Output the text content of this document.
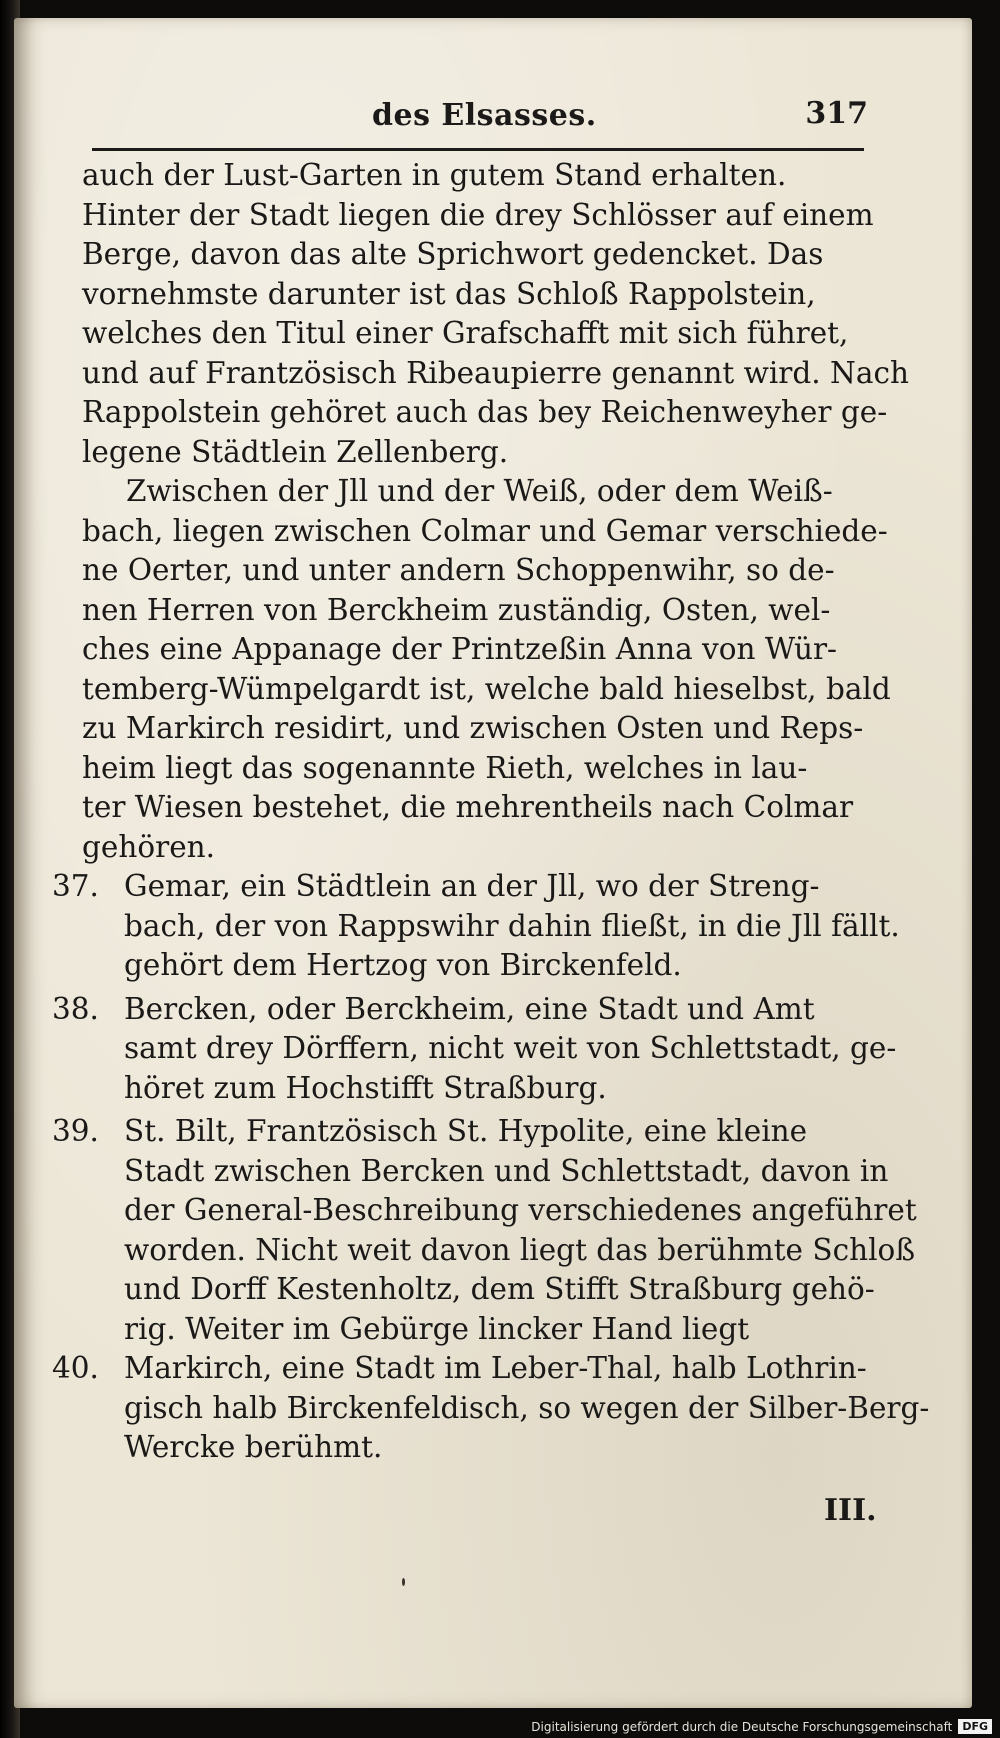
des Elsasses.	317
auch der Lust-Garten in gutem Stand erhalten.
Hinter der Stadt liegen die drey Schlösser auf einem
Berge, davon das alte Sprichwort gedencket. Das
vornehmste darunter ist das Schloß Rappolstein,
welches den Titul einer Grafschafft mit sich führet,
und auf Frantzösisch Ribeaupierre genannt wird. Nach
Rappolstein gehöret auch das bey Reichenweyher ge-
legene Städtlein Zellenberg.
Zwischen der Jll und der Weiß, oder dem Weiß-
bach, liegen zwischen Colmar und Gemar verschiede-
ne Oerter, und unter andern Schoppenwihr, so de-
nen Herren von Berckheim zuständig, Osten, wel-
ches eine Appanage der Printzeßin Anna von Wür-
temberg-Wümpelgardt ist, welche bald hieselbst, bald
zu Markirch residirt, und zwischen Osten und Reps-
heim liegt das sogenannte Rieth, welches in lau-
ter Wiesen bestehet, die mehrentheils nach Colmar
gehören.
37. Gemar, ein Städtlein an der Jll, wo der Streng-
bach, der von Rappswihr dahin fließt, in die Jll fällt.
gehört dem Hertzog von Birckenfeld.
38. Bercken, oder Berckheim, eine Stadt und Amt
samt drey Dörffern, nicht weit von Schlettstadt, ge-
höret zum Hochstifft Straßburg.
39. St. Bilt, Frantzösisch St. Hypolite, eine kleine
Stadt zwischen Bercken und Schlettstadt, davon in
der General-Beschreibung verschiedenes angeführet
worden. Nicht weit davon liegt das berühmte Schloß
und Dorff Kestenholtz, dem Stifft Straßburg gehö-
rig. Weiter im Gebürge lincker Hand liegt
40. Markirch, eine Stadt im Leber-Thal, halb Lothrin-
gisch halb Birckenfeldisch, so wegen der Silber-Berg-
Wercke berühmt.
III.
Digitalisierung gefördert durch die Deutsche Forschungsgemeinschaft DFG
